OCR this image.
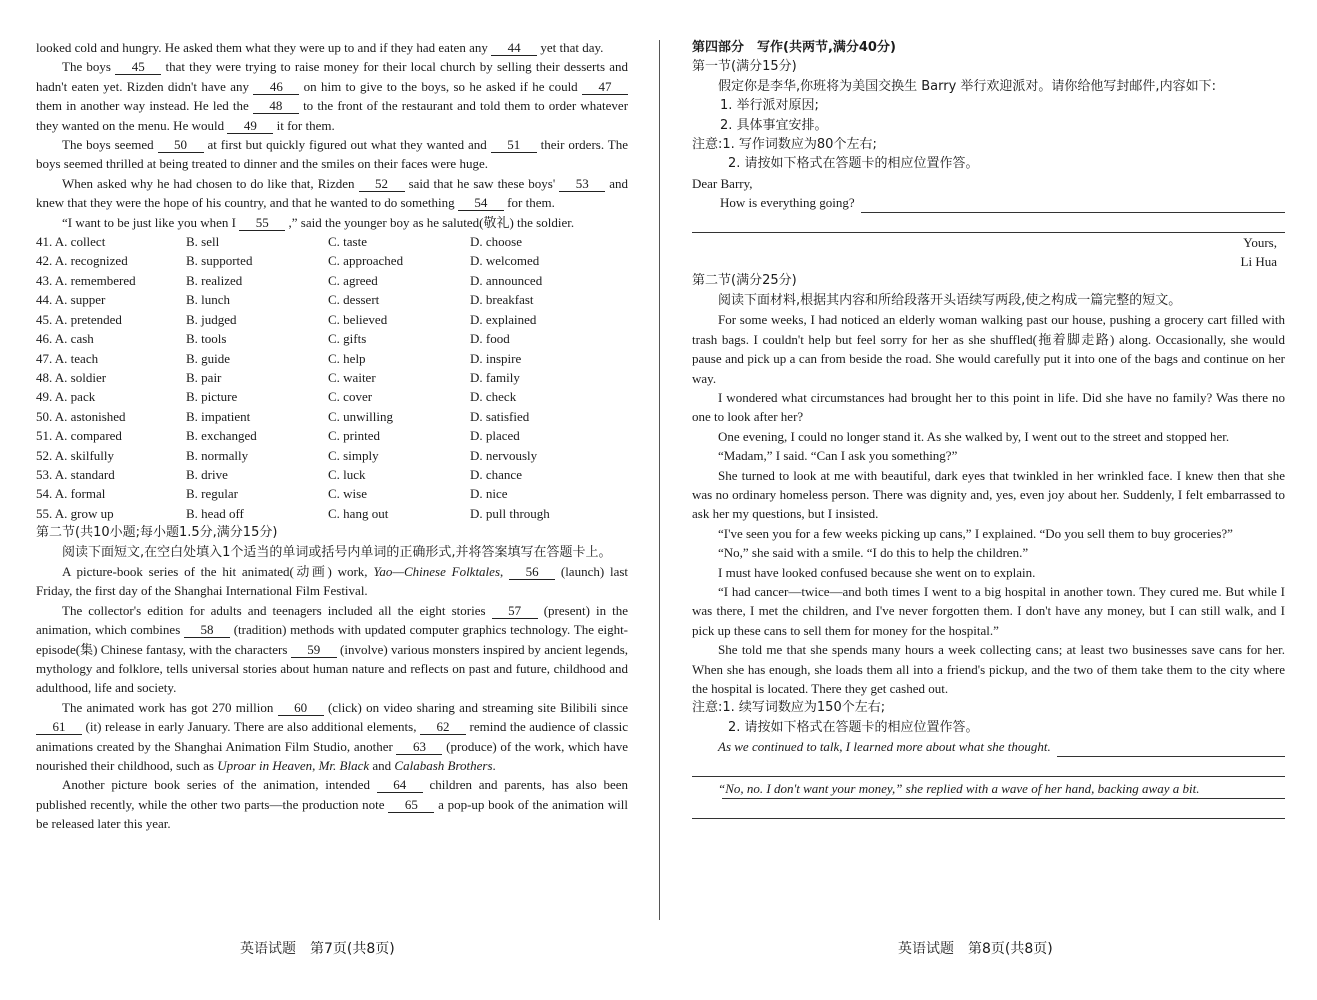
looked cold and hungry. He asked them what they were up to and if they had eaten any 44 yet that day.

The boys 45 that they were trying to raise money for their local church by selling their desserts and hadn't eaten yet. Rizden didn't have any 46 on him to give to the boys, so he asked if he could 47 them in another way instead. He led the 48 to the front of the restaurant and told them to order whatever they wanted on the menu. He would 49 it for them.

The boys seemed 50 at first but quickly figured out what they wanted and 51 their orders. The boys seemed thrilled at being treated to dinner and the smiles on their faces were huge.

When asked why he had chosen to do like that, Rizden 52 said that he saw these boys' 53 and knew that they were the hope of his country, and that he wanted to do something 54 for them.

“I want to be just like you when I 55 ,” said the younger boy as he saluted(敬礼) the soldier.

41. A. collect	B. sell	C. taste	D. choose
42. A. recognized	B. supported	C. approached	D. welcomed
43. A. remembered	B. realized	C. agreed	D. announced
44. A. supper	B. lunch	C. dessert	D. breakfast
45. A. pretended	B. judged	C. believed	D. explained
46. A. cash	B. tools	C. gifts	D. food
47. A. teach	B. guide	C. help	D. inspire
48. A. soldier	B. pair	C. waiter	D. family
49. A. pack	B. picture	C. cover	D. check
50. A. astonished	B. impatient	C. unwilling	D. satisfied
51. A. compared	B. exchanged	C. printed	D. placed
52. A. skilfully	B. normally	C. simply	D. nervously
53. A. standard	B. drive	C. luck	D. chance
54. A. formal	B. regular	C. wise	D. nice
55. A. grow up	B. head off	C. hang out	D. pull through

第二节(共10小题;每小题1.5分,满分15分)

阅读下面短文,在空白处填入1个适当的单词或括号内单词的正确形式,并将答案填写在答题卡上。

A picture-book series of the hit animated(动画) work, Yao—Chinese Folktales, 56 (launch) last Friday, the first day of the Shanghai International Film Festival.

The collector's edition for adults and teenagers included all the eight stories 57 (present) in the animation, which combines 58 (tradition) methods with updated computer graphics technology. The eight-episode(集) Chinese fantasy, with the characters 59 (involve) various monsters inspired by ancient legends, mythology and folklore, tells universal stories about human nature and reflects on past and future, childhood and adulthood, life and society.

The animated work has got 270 million 60 (click) on video sharing and streaming site Bilibili since 61 (it) release in early January. There are also additional elements, 62 remind the audience of classic animations created by the Shanghai Animation Film Studio, another 63 (produce) of the work, which have nourished their childhood, such as Uproar in Heaven, Mr. Black and Calabash Brothers.

Another picture book series of the animation, intended 64 children and parents, has also been published recently, while the other two parts—the production note 65 a pop-up book of the animation will be released later this year.

英语试题　第7页(共8页)

第四部分　写作(共两节,满分40分)

第一节(满分15分)

假定你是李华,你班将为美国交换生 Barry 举行欢迎派对。请你给他写封邮件,内容如下:

1. 举行派对原因;

2. 具体事宜安排。

注意:1. 写作词数应为80个左右;

2. 请按如下格式在答题卡的相应位置作答。

Dear Barry,

How is everything going?

Yours,

Li Hua

第二节(满分25分)

阅读下面材料,根据其内容和所给段落开头语续写两段,使之构成一篇完整的短文。

For some weeks, I had noticed an elderly woman walking past our house, pushing a grocery cart filled with trash bags. I couldn't help but feel sorry for her as she shuffled(拖着脚走路) along. Occasionally, she would pause and pick up a can from beside the road. She would carefully put it into one of the bags and continue on her way.

I wondered what circumstances had brought her to this point in life. Did she have no family? Was there no one to look after her?

One evening, I could no longer stand it. As she walked by, I went out to the street and stopped her.

“Madam,” I said. “Can I ask you something?”

She turned to look at me with beautiful, dark eyes that twinkled in her wrinkled face. I knew then that she was no ordinary homeless person. There was dignity and, yes, even joy about her. Suddenly, I felt embarrassed to ask her my questions, but I insisted.

“I've seen you for a few weeks picking up cans,” I explained. “Do you sell them to buy groceries?”

“No,” she said with a smile. “I do this to help the children.”

I must have looked confused because she went on to explain.

“I had cancer—twice—and both times I went to a big hospital in another town. They cured me. But while I was there, I met the children, and I've never forgotten them. I don't have any money, but I can still walk, and I pick up these cans to sell them for money for the hospital.”

She told me that she spends many hours a week collecting cans; at least two businesses save cans for her. When she has enough, she loads them all into a friend's pickup, and the two of them take them to the city where the hospital is located. There they get cashed out.

注意:1. 续写词数应为150个左右;

2. 请按如下格式在答题卡的相应位置作答。

As we continued to talk, I learned more about what she thought.

“No, no. I don't want your money,” she replied with a wave of her hand, backing away a bit.

英语试题　第8页(共8页)
